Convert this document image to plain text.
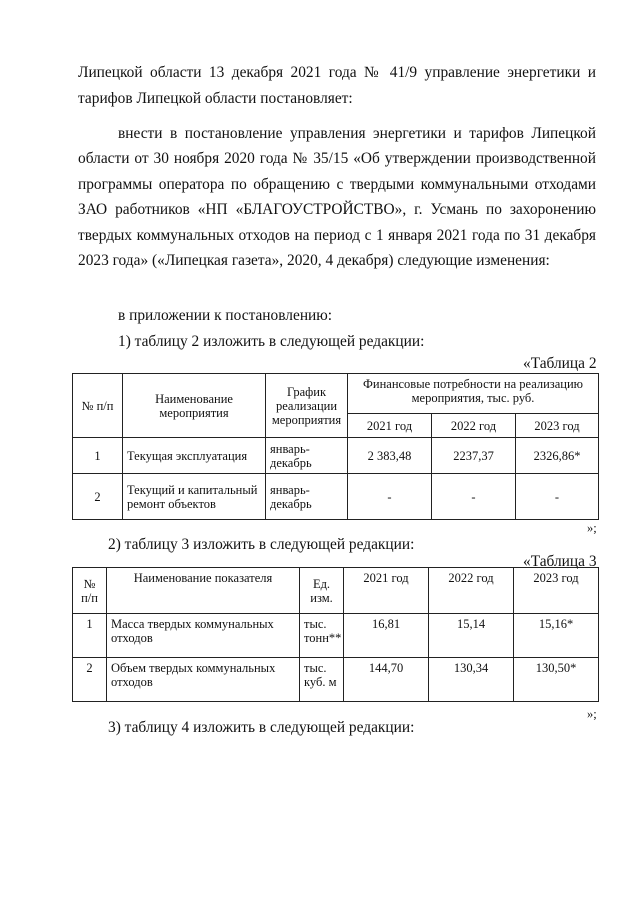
Липецкой области 13 декабря 2021 года № 41/9 управление энергетики и
тарифов Липецкой области постановляет:
внести в постановление управления энергетики и тарифов Липецкой
области от 30 ноября 2020 года № 35/15 «Об утверждении производственной
программы оператора по обращению с твердыми коммунальными отходами
ЗАО работников «НП «БЛАГОУСТРОЙСТВО», г. Усмань по захоронению
твердых коммунальных отходов на период с 1 января 2021 года по 31 декабря
2023 года» («Липецкая газета», 2020, 4 декабря) следующие изменения:
в приложении к постановлению:
1) таблицу 2 изложить в следующей редакции:
«Таблица 2
№ п/п	Наименование мероприятия	График реализации мероприятия	Финансовые потребности на реализацию мероприятия, тыс. руб.		
			2021 год	2022 год	2023 год
1	Текущая эксплуатация	январь-декабрь	2 383,48	2237,37	2326,86*
2	Текущий и капитальный ремонт объектов	январь-декабрь	-	-	-
»;
2) таблицу 3 изложить в следующей редакции:
«Таблица 3
№ п/п	Наименование показателя	Ед. изм.	2021 год	2022 год	2023 год
1	Масса твердых коммунальных отходов	тыс. тонн**	16,81	15,14	15,16*
2	Объем твердых коммунальных отходов	тыс. куб. м	144,70	130,34	130,50*
»;
3) таблицу 4 изложить в следующей редакции:
